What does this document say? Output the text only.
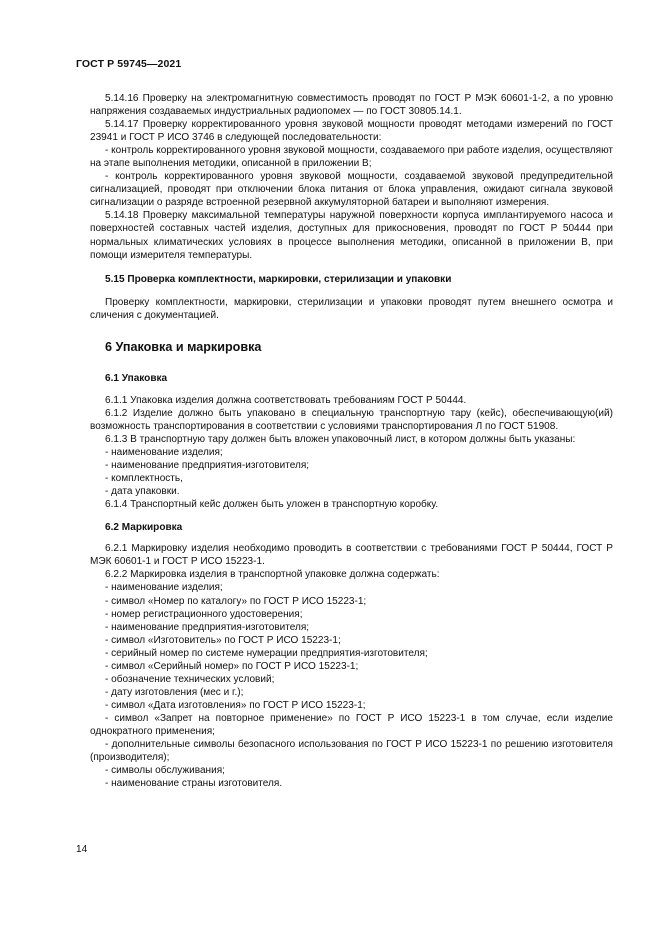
ГОСТ Р 59745—2021

5.14.16 Проверку на электромагнитную совместимость проводят по ГОСТ Р МЭК 60601-1-2, а по уровню напряжения создаваемых индустриальных радиопомех — по ГОСТ 30805.14.1.

5.14.17 Проверку корректированного уровня звуковой мощности проводят методами измерений по ГОСТ 23941 и ГОСТ Р ИСО 3746 в следующей последовательности:

- контроль корректированного уровня звуковой мощности, создаваемого при работе изделия, осуществляют на этапе выполнения методики, описанной в приложении В;

- контроль корректированного уровня звуковой мощности, создаваемой звуковой предупредительной сигнализацией, проводят при отключении блока питания от блока управления, ожидают сигнала звуковой сигнализации о разряде встроенной резервной аккумуляторной батареи и выполняют измерения.

5.14.18 Проверку максимальной температуры наружной поверхности корпуса имплантируемого насоса и поверхностей составных частей изделия, доступных для прикосновения, проводят по ГОСТ Р 50444 при нормальных климатических условиях в процессе выполнения методики, описанной в приложении В, при помощи измерителя температуры.

5.15 Проверка комплектности, маркировки, стерилизации и упаковки

Проверку комплектности, маркировки, стерилизации и упаковки проводят путем внешнего осмотра и сличения с документацией.

6 Упаковка и маркировка

6.1 Упаковка

6.1.1 Упаковка изделия должна соответствовать требованиям ГОСТ Р 50444.

6.1.2 Изделие должно быть упаковано в специальную транспортную тару (кейс), обеспечивающую(ий) возможность транспортирования в соответствии с условиями транспортирования Л по ГОСТ 51908.

6.1.3 В транспортную тару должен быть вложен упаковочный лист, в котором должны быть указаны:

- наименование изделия;

- наименование предприятия-изготовителя;

- комплектность,

- дата упаковки.

6.1.4 Транспортный кейс должен быть уложен в транспортную коробку.

6.2 Маркировка

6.2.1 Маркировку изделия необходимо проводить в соответствии с требованиями ГОСТ Р 50444, ГОСТ Р МЭК 60601-1 и ГОСТ Р ИСО 15223-1.

6.2.2 Маркировка изделия в транспортной упаковке должна содержать:

- наименование изделия;

- символ «Номер по каталогу» по ГОСТ Р ИСО 15223-1;

- номер регистрационного удостоверения;

- наименование предприятия-изготовителя;

- символ «Изготовитель» по ГОСТ Р ИСО 15223-1;

- серийный номер по системе нумерации предприятия-изготовителя;

- символ «Серийный номер» по ГОСТ Р ИСО 15223-1;

- обозначение технических условий;

- дату изготовления (мес и г.);

- символ «Дата изготовления» по ГОСТ Р ИСО 15223-1;

- символ «Запрет на повторное применение» по ГОСТ Р ИСО 15223-1 в том случае, если изделие однократного применения;

- дополнительные символы безопасного использования по ГОСТ Р ИСО 15223-1 по решению изготовителя (производителя);

- символы обслуживания;

- наименование страны изготовителя.

14
